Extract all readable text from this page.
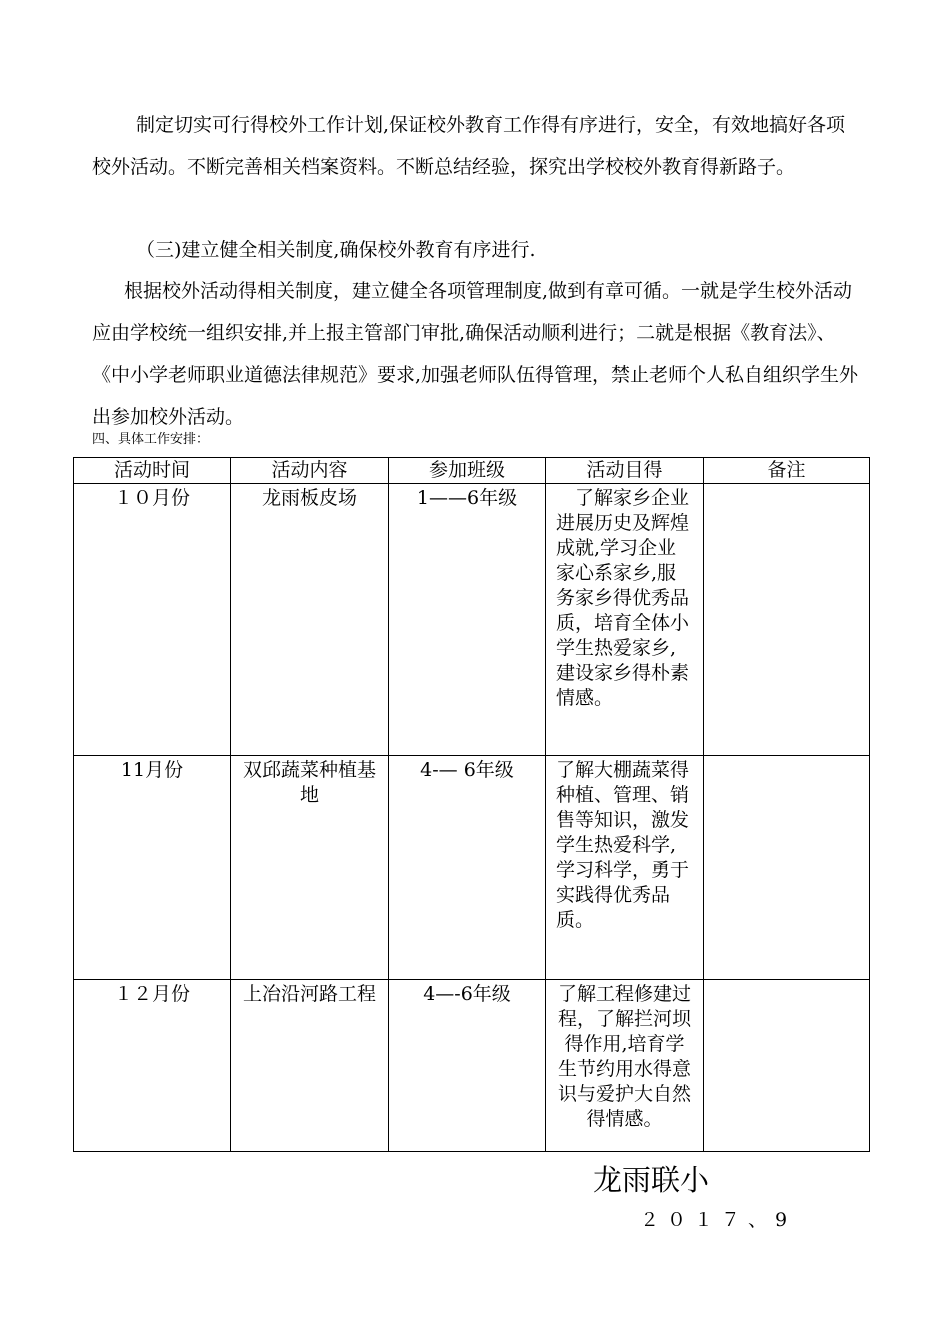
制定切实可行得校外工作计划,保证校外教育工作得有序进行，安全，有效地搞好各项校外活动。不断完善相关档案资料。不断总结经验，探究出学校校外教育得新路子。

（三)建立健全相关制度,确保校外教育有序进行.

根据校外活动得相关制度，建立健全各项管理制度,做到有章可循。一就是学生校外活动应由学校统一组织安排,并上报主管部门审批,确保活动顺利进行；二就是根据《教育法》、《中小学老师职业道德法律规范》要求,加强老师队伍得管理，禁止老师个人私自组织学生外出参加校外活动。

四、具体工作安排：
活动时间	活动内容	参加班级	活动目得	备注
１０月份	龙雨板皮场	1——6年级	　了解家乡企业进展历史及辉煌成就,学习企业家心系家乡,服务家乡得优秀品质，培育全体小学生热爱家乡,建设家乡得朴素情感。	
11月份	双邱蔬菜种植基地	4-— 6年级	了解大棚蔬菜得种植、管理、销售等知识，激发学生热爱科学,学习科学，勇于实践得优秀品质。	
１２月份	上冶沿河路工程	4—-6年级	了解工程修建过程，了解拦河坝得作用,培育学生节约用水得意识与爱护大自然得情感。	
龙雨联小
２０１７、9
